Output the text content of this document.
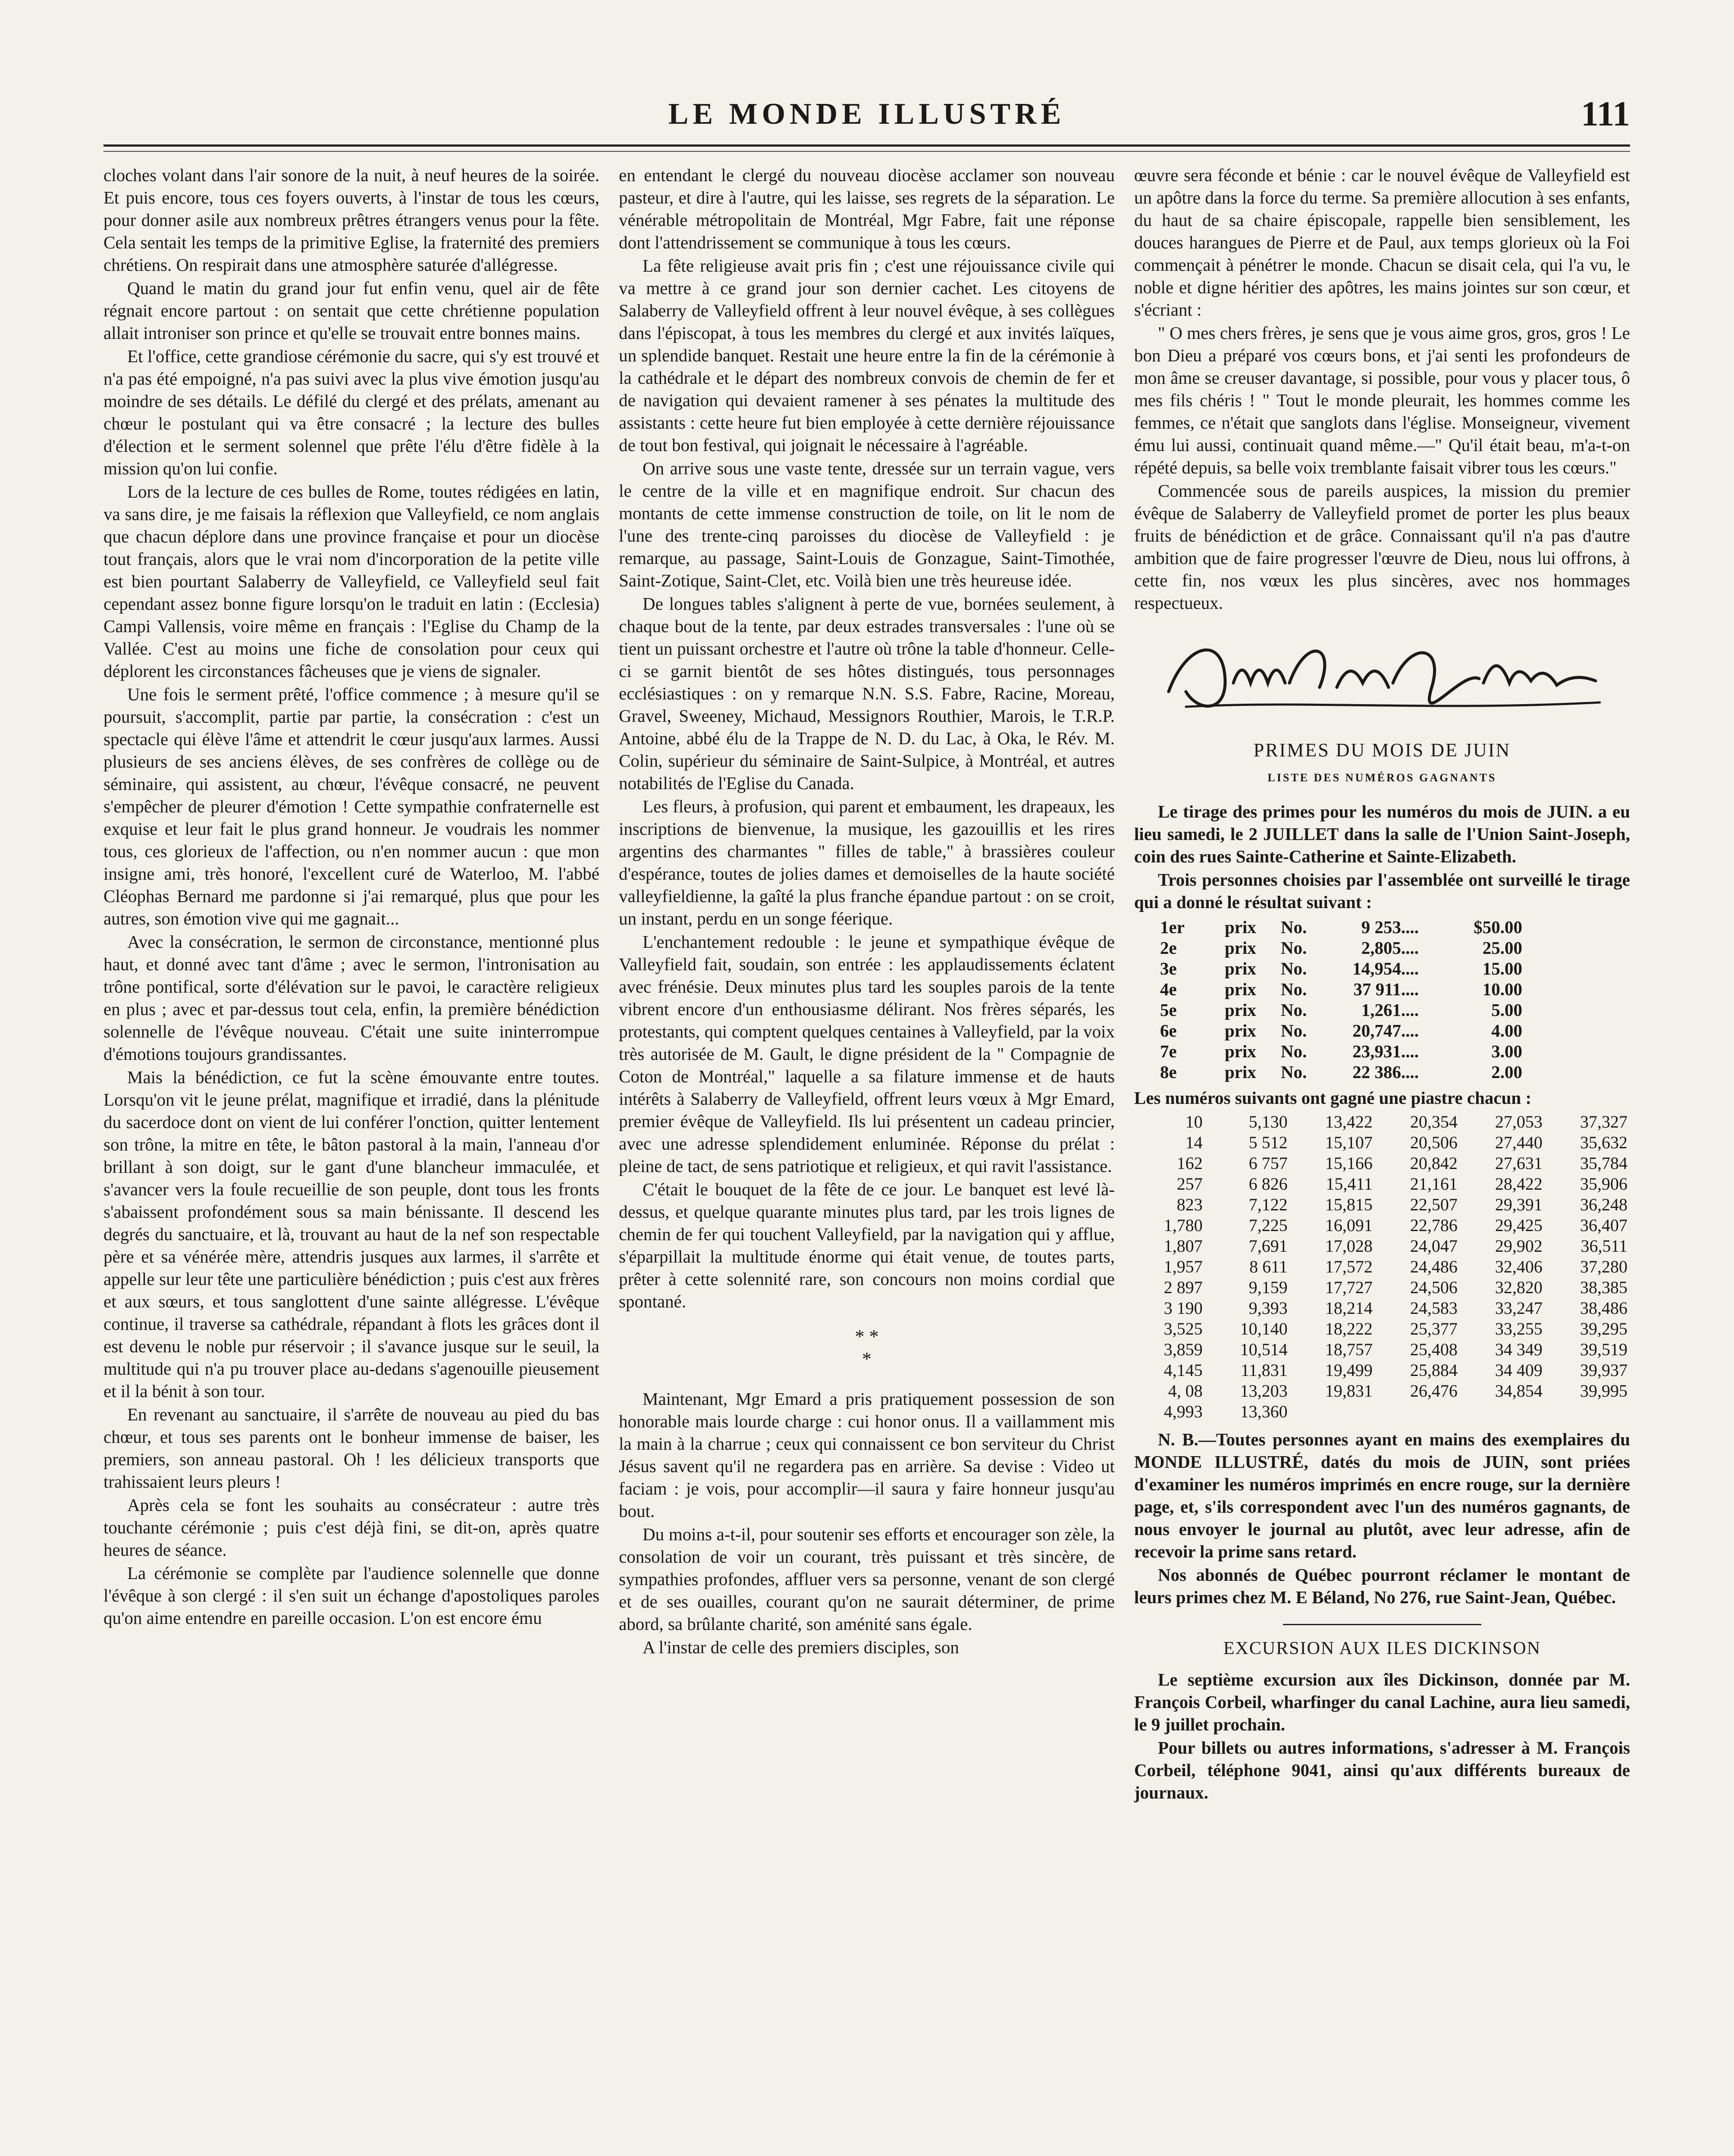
LE MONDE ILLUSTRÉ	111

cloches volant dans l'air sonore de la nuit, à neuf heures de la soirée. Et puis encore, tous ces foyers ouverts, à l'instar de tous les cœurs, pour donner asile aux nombreux prêtres étrangers venus pour la fête. Cela sentait les temps de la primitive Eglise, la fraternité des premiers chrétiens. On respirait dans une atmosphère saturée d'allégresse.

Quand le matin du grand jour fut enfin venu, quel air de fête régnait encore partout : on sentait que cette chrétienne population allait introniser son prince et qu'elle se trouvait entre bonnes mains.

Et l'office, cette grandiose cérémonie du sacre, qui s'y est trouvé et n'a pas été empoigné, n'a pas suivi avec la plus vive émotion jusqu'au moindre de ses détails. Le défilé du clergé et des prélats, amenant au chœur le postulant qui va être consacré ; la lecture des bulles d'élection et le serment solennel que prête l'élu d'être fidèle à la mission qu'on lui confie.

Lors de la lecture de ces bulles de Rome, toutes rédigées en latin, va sans dire, je me faisais la réflexion que Valleyfield, ce nom anglais que chacun déplore dans une province française et pour un diocèse tout français, alors que le vrai nom d'incorporation de la petite ville est bien pourtant Salaberry de Valleyfield, ce Valleyfield seul fait cependant assez bonne figure lorsqu'on le traduit en latin : (Ecclesia) Campi Vallensis, voire même en français : l'Eglise du Champ de la Vallée. C'est au moins une fiche de consolation pour ceux qui déplorent les circonstances fâcheuses que je viens de signaler.

Une fois le serment prêté, l'office commence ; à mesure qu'il se poursuit, s'accomplit, partie par partie, la consécration : c'est un spectacle qui élève l'âme et attendrit le cœur jusqu'aux larmes. Aussi plusieurs de ses anciens élèves, de ses confrères de collège ou de séminaire, qui assistent, au chœur, l'évêque consacré, ne peuvent s'empêcher de pleurer d'émotion ! Cette sympathie confraternelle est exquise et leur fait le plus grand honneur. Je voudrais les nommer tous, ces glorieux de l'affection, ou n'en nommer aucun : que mon insigne ami, très honoré, l'excellent curé de Waterloo, M. l'abbé Cléophas Bernard me pardonne si j'ai remarqué, plus que pour les autres, son émotion vive qui me gagnait...

Avec la consécration, le sermon de circonstance, mentionné plus haut, et donné avec tant d'âme ; avec le sermon, l'intronisation au trône pontifical, sorte d'élévation sur le pavoi, le caractère religieux en plus ; avec et par-dessus tout cela, enfin, la première bénédiction solennelle de l'évêque nouveau. C'était une suite ininterrompue d'émotions toujours grandissantes.

Mais la bénédiction, ce fut la scène émouvante entre toutes. Lorsqu'on vit le jeune prélat, magnifique et irradié, dans la plénitude du sacerdoce dont on vient de lui conférer l'onction, quitter lentement son trône, la mitre en tête, le bâton pastoral à la main, l'anneau d'or brillant à son doigt, sur le gant d'une blancheur immaculée, et s'avancer vers la foule recueillie de son peuple, dont tous les fronts s'abaissent profondément sous sa main bénissante. Il descend les degrés du sanctuaire, et là, trouvant au haut de la nef son respectable père et sa vénérée mère, attendris jusques aux larmes, il s'arrête et appelle sur leur tête une particulière bénédiction ; puis c'est aux frères et aux sœurs, et tous sanglottent d'une sainte allégresse. L'évêque continue, il traverse sa cathédrale, répandant à flots les grâces dont il est devenu le noble pur réservoir ; il s'avance jusque sur le seuil, la multitude qui n'a pu trouver place au-dedans s'agenouille pieusement et il la bénit à son tour.

En revenant au sanctuaire, il s'arrête de nouveau au pied du bas chœur, et tous ses parents ont le bonheur immense de baiser, les premiers, son anneau pastoral. Oh ! les délicieux transports que trahissaient leurs pleurs !

Après cela se font les souhaits au consécrateur : autre très touchante cérémonie ; puis c'est déjà fini, se dit-on, après quatre heures de séance.

La cérémonie se complète par l'audience solennelle que donne l'évêque à son clergé : il s'en suit un échange d'apostoliques paroles qu'on aime entendre en pareille occasion. L'on est encore ému

en entendant le clergé du nouveau diocèse acclamer son nouveau pasteur, et dire à l'autre, qui les laisse, ses regrets de la séparation. Le vénérable métropolitain de Montréal, Mgr Fabre, fait une réponse dont l'attendrissement se communique à tous les cœurs.

La fête religieuse avait pris fin ; c'est une réjouissance civile qui va mettre à ce grand jour son dernier cachet. Les citoyens de Salaberry de Valleyfield offrent à leur nouvel évêque, à ses collègues dans l'épiscopat, à tous les membres du clergé et aux invités laïques, un splendide banquet. Restait une heure entre la fin de la cérémonie à la cathédrale et le départ des nombreux convois de chemin de fer et de navigation qui devaient ramener à ses pénates la multitude des assistants : cette heure fut bien employée à cette dernière réjouissance de tout bon festival, qui joignait le nécessaire à l'agréable.

On arrive sous une vaste tente, dressée sur un terrain vague, vers le centre de la ville et en magnifique endroit. Sur chacun des montants de cette immense construction de toile, on lit le nom de l'une des trente-cinq paroisses du diocèse de Valleyfield : je remarque, au passage, Saint-Louis de Gonzague, Saint-Timothée, Saint-Zotique, Saint-Clet, etc. Voilà bien une très heureuse idée.

De longues tables s'alignent à perte de vue, bornées seulement, à chaque bout de la tente, par deux estrades transversales : l'une où se tient un puissant orchestre et l'autre où trône la table d'honneur. Celle-ci se garnit bientôt de ses hôtes distingués, tous personnages ecclésiastiques : on y remarque N.N. S.S. Fabre, Racine, Moreau, Gravel, Sweeney, Michaud, Messignors Routhier, Marois, le T.R.P. Antoine, abbé élu de la Trappe de N. D. du Lac, à Oka, le Rév. M. Colin, supérieur du séminaire de Saint-Sulpice, à Montréal, et autres notabilités de l'Eglise du Canada.

Les fleurs, à profusion, qui parent et embaument, les drapeaux, les inscriptions de bienvenue, la musique, les gazouillis et les rires argentins des charmantes " filles de table," à brassières couleur d'espérance, toutes de jolies dames et demoiselles de la haute société valleyfieldienne, la gaîté la plus franche épandue partout : on se croit, un instant, perdu en un songe féerique.

L'enchantement redouble : le jeune et sympathique évêque de Valleyfield fait, soudain, son entrée : les applaudissements éclatent avec frénésie. Deux minutes plus tard les souples parois de la tente vibrent encore d'un enthousiasme délirant. Nos frères séparés, les protestants, qui comptent quelques centaines à Valleyfield, par la voix très autorisée de M. Gault, le digne président de la " Compagnie de Coton de Montréal," laquelle a sa filature immense et de hauts intérêts à Salaberry de Valleyfield, offrent leurs vœux à Mgr Emard, premier évêque de Valleyfield. Ils lui présentent un cadeau princier, avec une adresse splendidement enluminée. Réponse du prélat : pleine de tact, de sens patriotique et religieux, et qui ravit l'assistance.

C'était le bouquet de la fête de ce jour. Le banquet est levé là-dessus, et quelque quarante minutes plus tard, par les trois lignes de chemin de fer qui touchent Valleyfield, par la navigation qui y afflue, s'éparpillait la multitude énorme qui était venue, de toutes parts, prêter à cette solennité rare, son concours non moins cordial que spontané.

* *
*

Maintenant, Mgr Emard a pris pratiquement possession de son honorable mais lourde charge : cui honor onus. Il a vaillamment mis la main à la charrue ; ceux qui connaissent ce bon serviteur du Christ Jésus savent qu'il ne regardera pas en arrière. Sa devise : Video ut faciam : je vois, pour accomplir—il saura y faire honneur jusqu'au bout.

Du moins a-t-il, pour soutenir ses efforts et encourager son zèle, la consolation de voir un courant, très puissant et très sincère, de sympathies profondes, affluer vers sa personne, venant de son clergé et de ses ouailles, courant qu'on ne saurait déterminer, de prime abord, sa brûlante charité, son aménité sans égale.

A l'instar de celle des premiers disciples, son

œuvre sera féconde et bénie : car le nouvel évêque de Valleyfield est un apôtre dans la force du terme. Sa première allocution à ses enfants, du haut de sa chaire épiscopale, rappelle bien sensiblement, les douces harangues de Pierre et de Paul, aux temps glorieux où la Foi commençait à pénétrer le monde. Chacun se disait cela, qui l'a vu, le noble et digne héritier des apôtres, les mains jointes sur son cœur, et s'écriant :

" O mes chers frères, je sens que je vous aime gros, gros, gros ! Le bon Dieu a préparé vos cœurs bons, et j'ai senti les profondeurs de mon âme se creuser davantage, si possible, pour vous y placer tous, ô mes fils chéris ! " Tout le monde pleurait, les hommes comme les femmes, ce n'était que sanglots dans l'église. Monseigneur, vivement ému lui aussi, continuait quand même.—" Qu'il était beau, m'a-t-on répété depuis, sa belle voix tremblante faisait vibrer tous les cœurs."

Commencée sous de pareils auspices, la mission du premier évêque de Salaberry de Valleyfield promet de porter les plus beaux fruits de bénédiction et de grâce. Connaissant qu'il n'a pas d'autre ambition que de faire progresser l'œuvre de Dieu, nous lui offrons, à cette fin, nos vœux les plus sincères, avec nos hommages respectueux.

PRIMES DU MOIS DE JUIN
LISTE DES NUMÉROS GAGNANTS

Le tirage des primes pour les numéros du mois de JUIN. a eu lieu samedi, le 2 JUILLET dans la salle de l'Union Saint-Joseph, coin des rues Sainte-Catherine et Sainte-Elizabeth.

Trois personnes choisies par l'assemblée ont surveillé le tirage qui a donné le résultat suivant :

1er	prix	No.	9 253....	$50.00
2e	prix	No.	2,805....	25.00
3e	prix	No.	14,954....	15.00
4e	prix	No.	37 911....	10.00
5e	prix	No.	1,261....	5.00
6e	prix	No.	20,747....	4.00
7e	prix	No.	23,931....	3.00
8e	prix	No.	22 386....	2.00

Les numéros suivants ont gagné une piastre chacun :

10	5,130	13,422	20,354	27,053	37,327
14	5 512	15,107	20,506	27,440	35,632
162	6 757	15,166	20,842	27,631	35,784
257	6 826	15,411	21,161	28,422	35,906
823	7,122	15,815	22,507	29,391	36,248
1,780	7,225	16,091	22,786	29,425	36,407
1,807	7,691	17,028	24,047	29,902	36,511
1,957	8 611	17,572	24,486	32,406	37,280
2 897	9,159	17,727	24,506	32,820	38,385
3 190	9,393	18,214	24,583	33,247	38,486
3,525	10,140	18,222	25,377	33,255	39,295
3,859	10,514	18,757	25,408	34 349	39,519
4,145	11,831	19,499	25,884	34 409	39,937
4, 08	13,203	19,831	26,476	34,854	39,995
4,993	13,360				

N. B.—Toutes personnes ayant en mains des exemplaires du MONDE ILLUSTRÉ, datés du mois de JUIN, sont priées d'examiner les numéros imprimés en encre rouge, sur la dernière page, et, s'ils correspondent avec l'un des numéros gagnants, de nous envoyer le journal au plutôt, avec leur adresse, afin de recevoir la prime sans retard.

Nos abonnés de Québec pourront réclamer le montant de leurs primes chez M. E Béland, No 276, rue Saint-Jean, Québec.

EXCURSION AUX ILES DICKINSON

Le septième excursion aux îles Dickinson, donnée par M. François Corbeil, wharfinger du canal Lachine, aura lieu samedi, le 9 juillet prochain.

Pour billets ou autres informations, s'adresser à M. François Corbeil, téléphone 9041, ainsi qu'aux différents bureaux de journaux.
